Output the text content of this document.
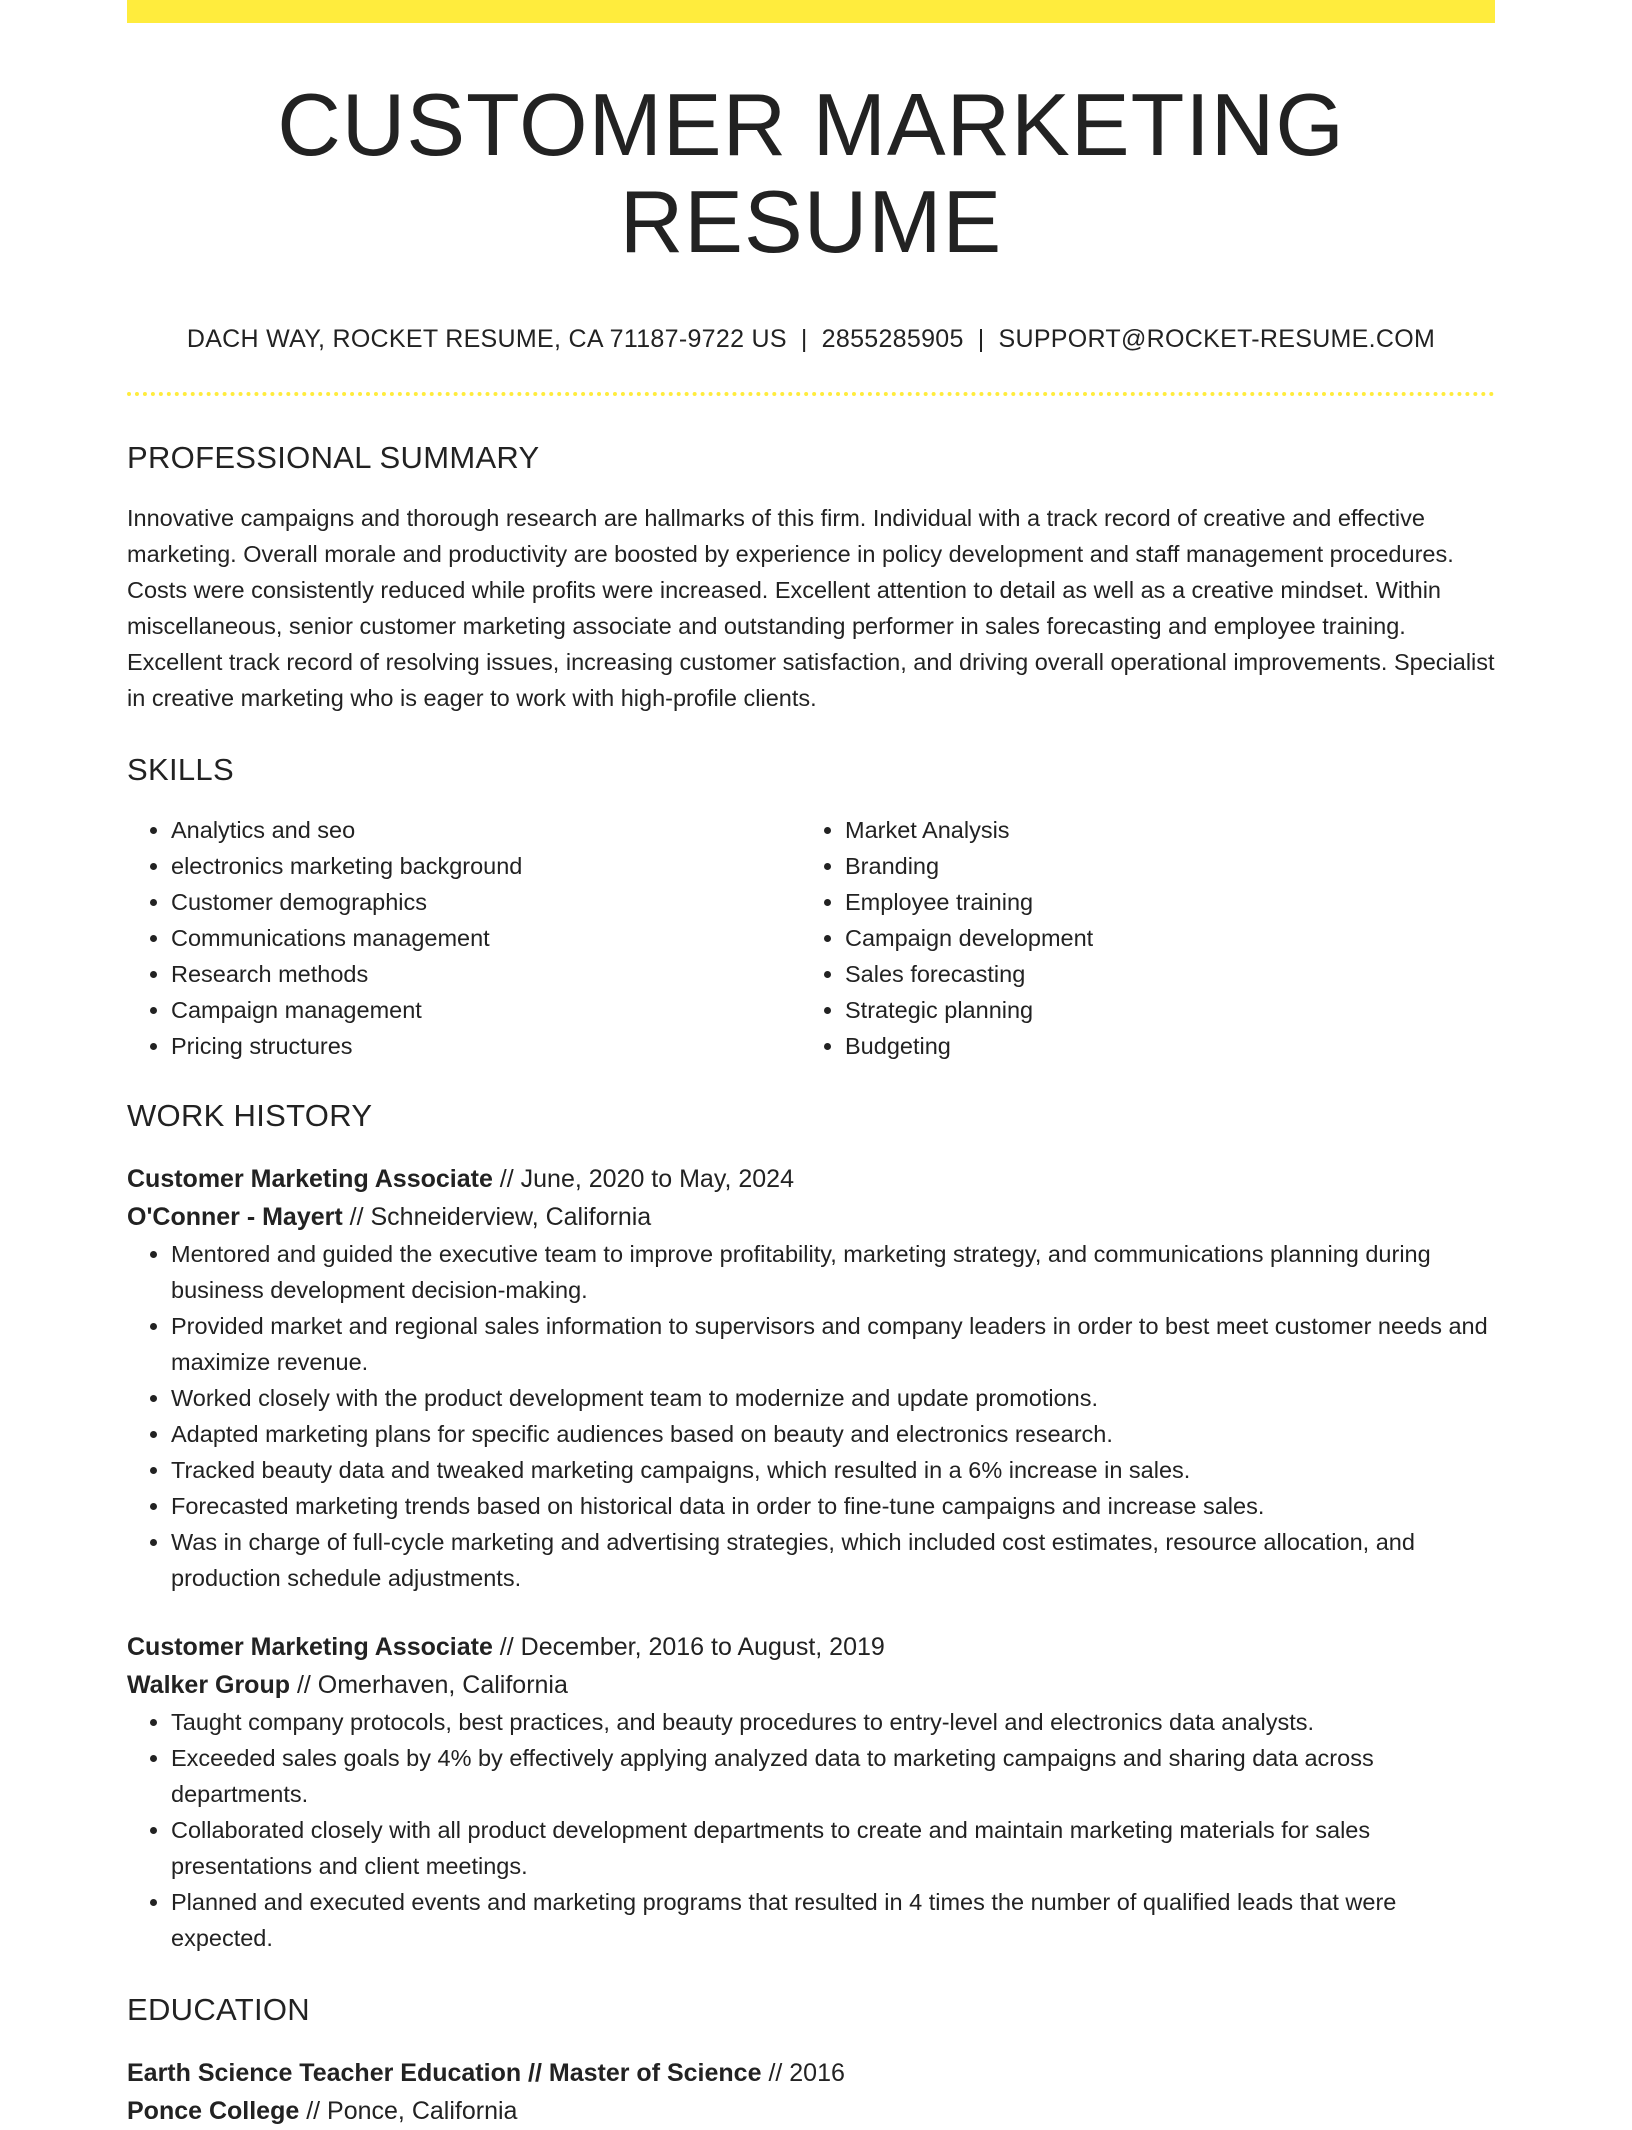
CUSTOMER MARKETING RESUME
DACH WAY, ROCKET RESUME, CA 71187-9722 US | 2855285905 | SUPPORT@ROCKET-RESUME.COM
PROFESSIONAL SUMMARY
Innovative campaigns and thorough research are hallmarks of this firm. Individual with a track record of creative and effective marketing. Overall morale and productivity are boosted by experience in policy development and staff management procedures. Costs were consistently reduced while profits were increased. Excellent attention to detail as well as a creative mindset. Within miscellaneous, senior customer marketing associate and outstanding performer in sales forecasting and employee training. Excellent track record of resolving issues, increasing customer satisfaction, and driving overall operational improvements. Specialist in creative marketing who is eager to work with high-profile clients.
SKILLS
• Analytics and seo
• electronics marketing background
• Customer demographics
• Communications management
• Research methods
• Campaign management
• Pricing structures
• Market Analysis
• Branding
• Employee training
• Campaign development
• Sales forecasting
• Strategic planning
• Budgeting
WORK HISTORY
Customer Marketing Associate // June, 2020 to May, 2024
O'Conner - Mayert // Schneiderview, California
• Mentored and guided the executive team to improve profitability, marketing strategy, and communications planning during business development decision-making.
• Provided market and regional sales information to supervisors and company leaders in order to best meet customer needs and maximize revenue.
• Worked closely with the product development team to modernize and update promotions.
• Adapted marketing plans for specific audiences based on beauty and electronics research.
• Tracked beauty data and tweaked marketing campaigns, which resulted in a 6% increase in sales.
• Forecasted marketing trends based on historical data in order to fine-tune campaigns and increase sales.
• Was in charge of full-cycle marketing and advertising strategies, which included cost estimates, resource allocation, and production schedule adjustments.
Customer Marketing Associate // December, 2016 to August, 2019
Walker Group // Omerhaven, California
• Taught company protocols, best practices, and beauty procedures to entry-level and electronics data analysts.
• Exceeded sales goals by 4% by effectively applying analyzed data to marketing campaigns and sharing data across departments.
• Collaborated closely with all product development departments to create and maintain marketing materials for sales presentations and client meetings.
• Planned and executed events and marketing programs that resulted in 4 times the number of qualified leads that were expected.
EDUCATION
Earth Science Teacher Education // Master of Science // 2016
Ponce College // Ponce, California
